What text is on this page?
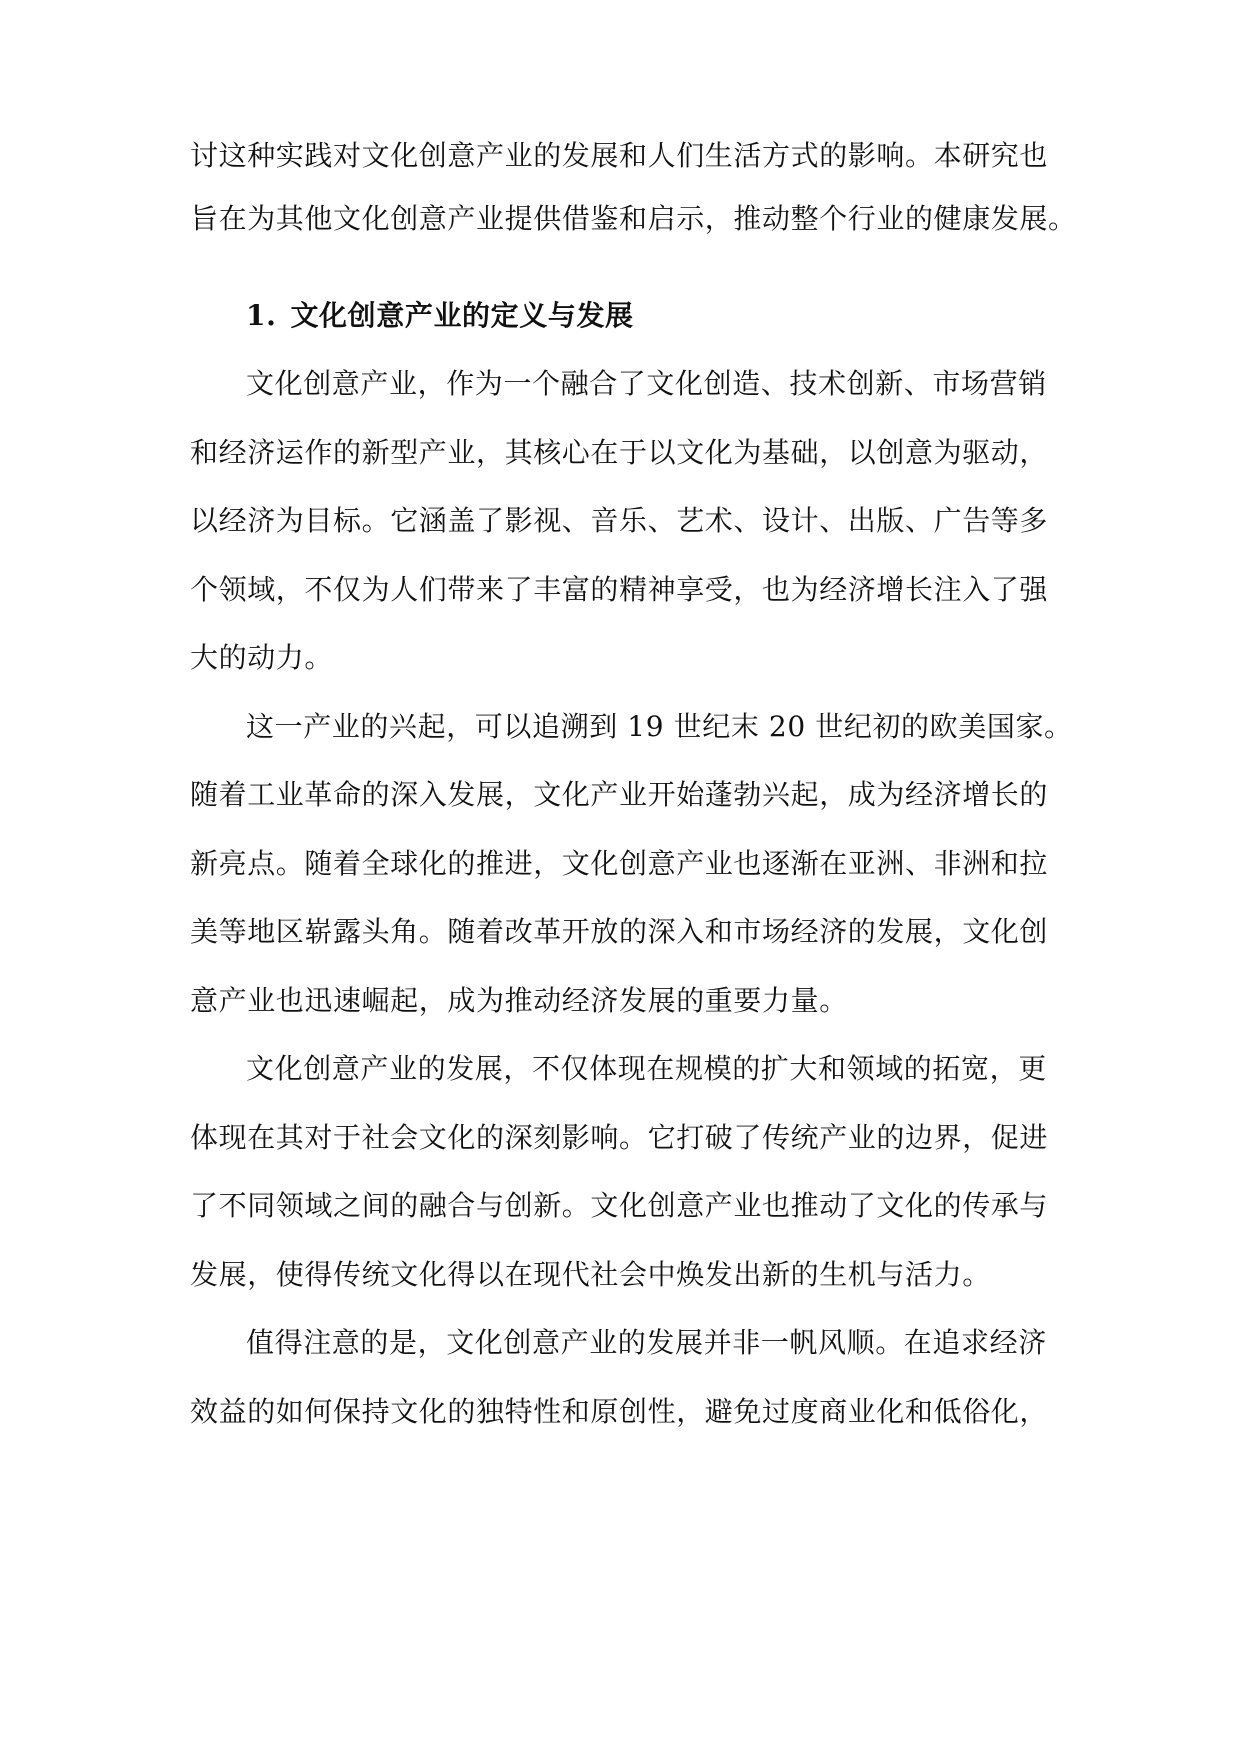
讨这种实践对文化创意产业的发展和人们生活方式的影响。本研究也
旨在为其他文化创意产业提供借鉴和启示，推动整个行业的健康发展。
1. 文化创意产业的定义与发展
文化创意产业，作为一个融合了文化创造、技术创新、市场营销
和经济运作的新型产业，其核心在于以文化为基础，以创意为驱动，
以经济为目标。它涵盖了影视、音乐、艺术、设计、出版、广告等多
个领域，不仅为人们带来了丰富的精神享受，也为经济增长注入了强
大的动力。
这一产业的兴起，可以追溯到 19 世纪末 20 世纪初的欧美国家。
随着工业革命的深入发展，文化产业开始蓬勃兴起，成为经济增长的
新亮点。随着全球化的推进，文化创意产业也逐渐在亚洲、非洲和拉
美等地区崭露头角。随着改革开放的深入和市场经济的发展，文化创
意产业也迅速崛起，成为推动经济发展的重要力量。
文化创意产业的发展，不仅体现在规模的扩大和领域的拓宽，更
体现在其对于社会文化的深刻影响。它打破了传统产业的边界，促进
了不同领域之间的融合与创新。文化创意产业也推动了文化的传承与
发展，使得传统文化得以在现代社会中焕发出新的生机与活力。
值得注意的是，文化创意产业的发展并非一帆风顺。在追求经济
效益的如何保持文化的独特性和原创性，避免过度商业化和低俗化，
